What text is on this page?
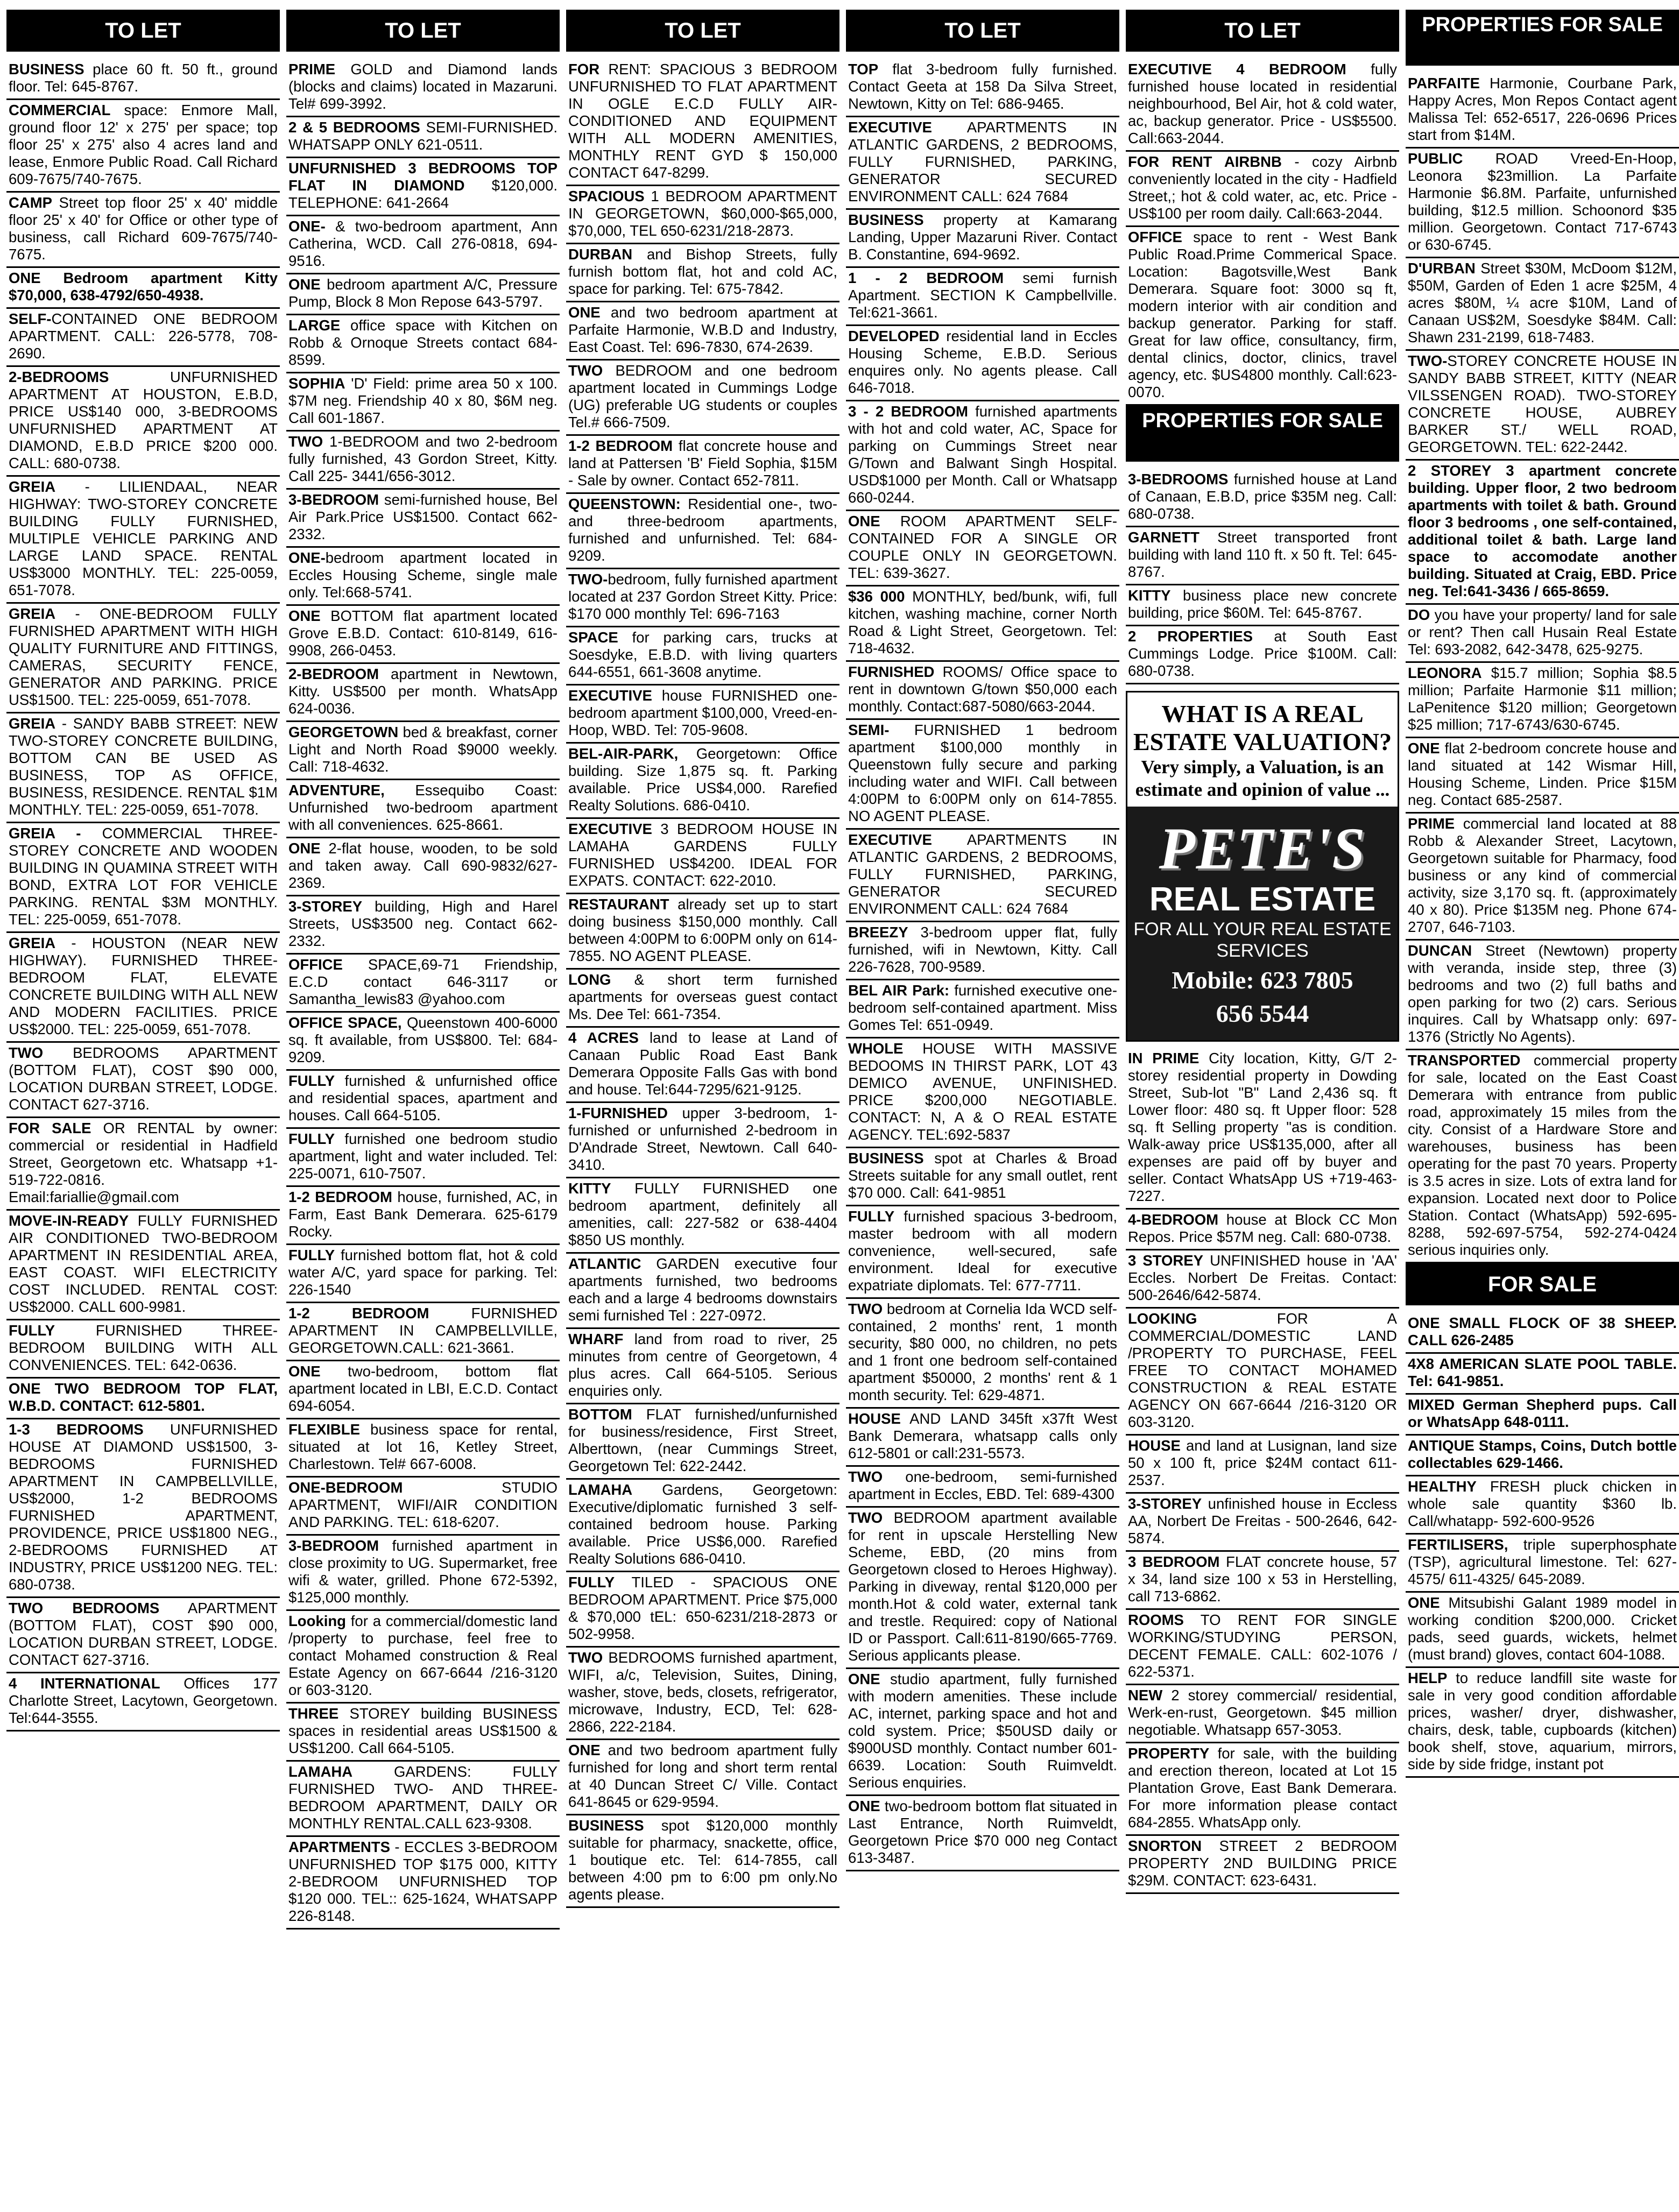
TO LET
BUSINESS place 60 ft. 50 ft., ground floor. Tel: 645-8767.
COMMERCIAL space: Enmore Mall, ground floor 12' x 275' per space; top floor 25' x 275' also 4 acres land and lease, Enmore Public Road. Call Richard 609-7675/740-7675.
CAMP Street top floor 25' x 40' middle floor 25' x 40' for Office or other type of business, call Richard 609-7675/740-7675.
ONE Bedroom apartment Kitty $70,000, 638-4792/650-4938.
SELF-CONTAINED ONE BEDROOM APARTMENT. CALL: 226-5778, 708-2690.
2-BEDROOMS UNFURNISHED APARTMENT AT HOUSTON, E.B.D, PRICE US$140 000, 3-BEDROOMS UNFURNISHED APARTMENT AT DIAMOND, E.B.D PRICE $200 000. CALL: 680-0738.
GREIA - LILIENDAAL, NEAR HIGHWAY: TWO-STOREY CONCRETE BUILDING FULLY FURNISHED, MULTIPLE VEHICLE PARKING AND LARGE LAND SPACE. RENTAL US$3000 MONTHLY. TEL: 225-0059, 651-7078.
GREIA - ONE-BEDROOM FULLY FURNISHED APARTMENT WITH HIGH QUALITY FURNITURE AND FITTINGS, CAMERAS, SECURITY FENCE, GENERATOR AND PARKING. PRICE US$1500. TEL: 225-0059, 651-7078.
GREIA - SANDY BABB STREET: NEW TWO-STOREY CONCRETE BUILDING, BOTTOM CAN BE USED AS BUSINESS, TOP AS OFFICE, BUSINESS, RESIDENCE. RENTAL $1M MONTHLY. TEL: 225-0059, 651-7078.
GREIA - COMMERCIAL THREE-STOREY CONCRETE AND WOODEN BUILDING IN QUAMINA STREET WITH BOND, EXTRA LOT FOR VEHICLE PARKING. RENTAL $3M MONTHLY. TEL: 225-0059, 651-7078.
GREIA - HOUSTON (NEAR NEW HIGHWAY). FURNISHED THREE-BEDROOM FLAT, ELEVATE CONCRETE BUILDING WITH ALL NEW AND MODERN FACILITIES. PRICE US$2000. TEL: 225-0059, 651-7078.
TWO BEDROOMS APARTMENT (BOTTOM FLAT), COST $90 000, LOCATION DURBAN STREET, LODGE. CONTACT 627-3716.
FOR SALE OR RENTAL by owner: commercial or residential in Hadfield Street, Georgetown etc. Whatsapp +1-519-722-0816. Email:fariallie@gmail.com
MOVE-IN-READY FULLY FURNISHED AIR CONDITIONED TWO-BEDROOM APARTMENT IN RESIDENTIAL AREA, EAST COAST. WIFI ELECTRICITY COST INCLUDED. RENTAL COST: US$2000. CALL 600-9981.
FULLY FURNISHED THREE-BEDROOM BUILDING WITH ALL CONVENIENCES. TEL: 642-0636.
ONE TWO BEDROOM TOP FLAT, W.B.D. CONTACT: 612-5801.
1-3 BEDROOMS UNFURNISHED HOUSE AT DIAMOND US$1500, 3-BEDROOMS FURNISHED APARTMENT IN CAMPBELLVILLE, US$2000, 1-2 BEDROOMS FURNISHED APARTMENT, PROVIDENCE, PRICE US$1800 NEG., 2-BEDROOMS FURNISHED AT INDUSTRY, PRICE US$1200 NEG. TEL: 680-0738.
TWO BEDROOMS APARTMENT (BOTTOM FLAT), COST $90 000, LOCATION DURBAN STREET, LODGE. CONTACT 627-3716.
4 INTERNATIONAL Offices 177 Charlotte Street, Lacytown, Georgetown. Tel:644-3555.
TO LET
PRIME GOLD and Diamond lands (blocks and claims) located in Mazaruni. Tel# 699-3992.
2 & 5 BEDROOMS SEMI-FURNISHED. WHATSAPP ONLY 621-0511.
UNFURNISHED 3 BEDROOMS TOP FLAT IN DIAMOND $120,000. TELEPHONE: 641-2664
ONE- & two-bedroom apartment, Ann Catherina, WCD. Call 276-0818, 694-9516.
ONE bedroom apartment A/C, Pressure Pump, Block 8 Mon Repose 643-5797.
LARGE office space with Kitchen on Robb & Ornoque Streets contact 684-8599.
SOPHIA 'D' Field: prime area 50 x 100. $7M neg. Friendship 40 x 80, $6M neg. Call 601-1867.
TWO 1-BEDROOM and two 2-bedroom fully furnished, 43 Gordon Street, Kitty. Call 225- 3441/656-3012.
3-BEDROOM semi-furnished house, Bel Air Park.Price US$1500. Contact 662-2332.
ONE-bedroom apartment located in Eccles Housing Scheme, single male only. Tel:668-5741.
ONE BOTTOM flat apartment located Grove E.B.D. Contact: 610-8149, 616-9908, 266-0453.
2-BEDROOM apartment in Newtown, Kitty. US$500 per month. WhatsApp 624-0036.
GEORGETOWN bed & breakfast, corner Light and North Road $9000 weekly. Call: 718-4632.
ADVENTURE, Essequibo Coast: Unfurnished two-bedroom apartment with all conveniences. 625-8661.
ONE 2-flat house, wooden, to be sold and taken away. Call 690-9832/627-2369.
3-STOREY building, High and Harel Streets, US$3500 neg. Contact 662-2332.
OFFICE SPACE,69-71 Friendship, E.C.D contact 646-3117 or Samantha_lewis83 @yahoo.com
OFFICE SPACE, Queenstown 400-6000 sq. ft available, from US$800. Tel: 684-9209.
FULLY furnished & unfurnished office and residential spaces, apartment and houses. Call 664-5105.
FULLY furnished one bedroom studio apartment, light and water included. Tel: 225-0071, 610-7507.
1-2 BEDROOM house, furnished, AC, in Farm, East Bank Demerara. 625-6179 Rocky.
FULLY furnished bottom flat, hot & cold water A/C, yard space for parking. Tel: 226-1540
1-2 BEDROOM FURNISHED APARTMENT IN CAMPBELLVILLE, GEORGETOWN.CALL: 621-3661.
ONE two-bedroom, bottom flat apartment located in LBI, E.C.D. Contact 694-6054.
FLEXIBLE business space for rental, situated at lot 16, Ketley Street, Charlestown. Tel# 667-6008.
ONE-BEDROOM STUDIO APARTMENT, WIFI/AIR CONDITION AND PARKING. TEL: 618-6207.
3-BEDROOM furnished apartment in close proximity to UG. Supermarket, free wifi & water, grilled. Phone 672-5392, $125,000 monthly.
Looking for a commercial/domestic land /property to purchase, feel free to contact Mohamed construction & Real Estate Agency on 667-6644 /216-3120 or 603-3120.
THREE STOREY building BUSINESS spaces in residential areas US$1500 & US$1200. Call 664-5105.
LAMAHA GARDENS: FULLY FURNISHED TWO- AND THREE-BEDROOM APARTMENT, DAILY OR MONTHLY RENTAL.CALL 623-9308.
APARTMENTS - ECCLES 3-BEDROOM UNFURNISHED TOP $175 000, KITTY 2-BEDROOM UNFURNISHED TOP $120 000. TEL:: 625-1624, WHATSAPP 226-8148.
TO LET
FOR RENT: SPACIOUS 3 BEDROOM UNFURNISHED TO FLAT APARTMENT IN OGLE E.C.D FULLY AIR-CONDITIONED AND EQUIPMENT WITH ALL MODERN AMENITIES, MONTHLY RENT GYD $ 150,000 CONTACT 647-8299.
SPACIOUS 1 BEDROOM APARTMENT IN GEORGETOWN, $60,000-$65,000, $70,000, TEL 650-6231/218-2873.
DURBAN and Bishop Streets, fully furnish bottom flat, hot and cold AC, space for parking. Tel: 675-7842.
ONE and two bedroom apartment at Parfaite Harmonie, W.B.D and Industry, East Coast. Tel: 696-7830, 674-2639.
TWO BEDROOM and one bedroom apartment located in Cummings Lodge (UG) preferable UG students or couples Tel.# 666-7509.
1-2 BEDROOM flat concrete house and land at Pattersen 'B' Field Sophia, $15M - Sale by owner. Contact 652-7811.
QUEENSTOWN: Residential one-, two- and three-bedroom apartments, furnished and unfurnished. Tel: 684-9209.
TWO-bedroom, fully furnished apartment located at 237 Gordon Street Kitty. Price: $170 000 monthly Tel: 696-7163
SPACE for parking cars, trucks at Soesdyke, E.B.D. with living quarters 644-6551, 661-3608 anytime.
EXECUTIVE house FURNISHED one-bedroom apartment $100,000, Vreed-en-Hoop, WBD. Tel: 705-9608.
BEL-AIR-PARK, Georgetown: Office building. Size 1,875 sq. ft. Parking available. Price US$4,000. Rarefied Realty Solutions. 686-0410.
EXECUTIVE 3 BEDROOM HOUSE IN LAMAHA GARDENS FULLY FURNISHED US$4200. IDEAL FOR EXPATS. CONTACT: 622-2010.
RESTAURANT already set up to start doing business $150,000 monthly. Call between 4:00PM to 6:00PM only on 614-7855. NO AGENT PLEASE.
LONG & short term furnished apartments for overseas guest contact Ms. Dee Tel: 661-7354.
4 ACRES land to lease at Land of Canaan Public Road East Bank Demerara Opposite Falls Gas with bond and house. Tel:644-7295/621-9125.
1-FURNISHED upper 3-bedroom, 1-furnished or unfurnished 2-bedroom in D'Andrade Street, Newtown. Call 640-3410.
KITTY FULLY FURNISHED one bedroom apartment, definitely all amenities, call: 227-582 or 638-4404 $850 US monthly.
ATLANTIC GARDEN executive four apartments furnished, two bedrooms each and a large 4 bedrooms downstairs semi furnished Tel : 227-0972.
WHARF land from road to river, 25 minutes from centre of Georgetown, 4 plus acres. Call 664-5105. Serious enquiries only.
BOTTOM FLAT furnished/unfurnished for business/residence, First Street, Alberttown, (near Cummings Street, Georgetown Tel: 622-2442.
LAMAHA Gardens, Georgetown: Executive/diplomatic furnished 3 self-contained bedroom house. Parking available. Price US$6,000. Rarefied Realty Solutions 686-0410.
FULLY TILED - SPACIOUS ONE BEDROOM APARTMENT. Price $75,000 & $70,000 tEL: 650-6231/218-2873 or 502-9958.
TWO BEDROOMS furnished apartment, WIFI, a/c, Television, Suites, Dining, washer, stove, beds, closets, refrigerator, microwave, Industry, ECD, Tel: 628-2866, 222-2184.
ONE and two bedroom apartment fully furnished for long and short term rental at 40 Duncan Street C/ Ville. Contact 641-8645 or 629-9594.
BUSINESS spot $120,000 monthly suitable for pharmacy, snackette, office, 1 boutique etc. Tel: 614-7855, call between 4:00 pm to 6:00 pm only.No agents please.
TO LET
TOP flat 3-bedroom fully furnished. Contact Geeta at 158 Da Silva Street, Newtown, Kitty on Tel: 686-9465.
EXECUTIVE APARTMENTS IN ATLANTIC GARDENS, 2 BEDROOMS, FULLY FURNISHED, PARKING, GENERATOR SECURED ENVIRONMENT CALL: 624 7684
BUSINESS property at Kamarang Landing, Upper Mazaruni River. Contact B. Constantine, 694-9692.
1 - 2 BEDROOM semi furnish Apartment. SECTION K Campbellville. Tel:621-3661.
DEVELOPED residential land in Eccles Housing Scheme, E.B.D. Serious enquires only. No agents please. Call 646-7018.
3 - 2 BEDROOM furnished apartments with hot and cold water, AC, Space for parking on Cummings Street near G/Town and Balwant Singh Hospital. USD$1000 per Month. Call or Whatsapp 660-0244.
ONE ROOM APARTMENT SELF-CONTAINED FOR A SINGLE OR COUPLE ONLY IN GEORGETOWN. TEL: 639-3627.
$36 000 MONTHLY, bed/bunk, wifi, full kitchen, washing machine, corner North Road & Light Street, Georgetown. Tel: 718-4632.
FURNISHED ROOMS/ Office space to rent in downtown G/town $50,000 each monthly. Contact:687-5080/663-2044.
SEMI- FURNISHED 1 bedroom apartment $100,000 monthly in Queenstown fully secure and parking including water and WIFI. Call between 4:00PM to 6:00PM only on 614-7855. NO AGENT PLEASE.
EXECUTIVE APARTMENTS IN ATLANTIC GARDENS, 2 BEDROOMS, FULLY FURNISHED, PARKING, GENERATOR SECURED ENVIRONMENT CALL: 624 7684
BREEZY 3-bedroom upper flat, fully furnished, wifi in Newtown, Kitty. Call 226-7628, 700-9589.
BEL AIR Park: furnished executive one-bedroom self-contained apartment. Miss Gomes Tel: 651-0949.
WHOLE HOUSE WITH MASSIVE BEDOOMS IN THIRST PARK, LOT 43 DEMICO AVENUE, UNFINISHED. PRICE $200,000 NEGOTIABLE. CONTACT: N, A & O REAL ESTATE AGENCY. TEL:692-5837
BUSINESS spot at Charles & Broad Streets suitable for any small outlet, rent $70 000. Call: 641-9851
FULLY furnished spacious 3-bedroom, master bedroom with all modern convenience, well-secured, safe environment. Ideal for executive expatriate diplomats. Tel: 677-7711.
TWO bedroom at Cornelia Ida WCD self-contained, 2 months' rent, 1 month security, $80 000, no children, no pets and 1 front one bedroom self-contained apartment $50000, 2 months' rent & 1 month security. Tel: 629-4871.
HOUSE AND LAND 345ft x37ft West Bank Demerara, whatsapp calls only 612-5801 or call:231-5573.
TWO one-bedroom, semi-furnished apartment in Eccles, EBD. Tel: 689-4300
TWO BEDROOM apartment available for rent in upscale Herstelling New Scheme, EBD, (20 mins from Georgetown closed to Heroes Highway). Parking in diveway, rental $120,000 per month.Hot & cold water, external tank and trestle. Required: copy of National ID or Passport. Call:611-8190/665-7769. Serious applicants please.
ONE studio apartment, fully furnished with modern amenities. These include AC, internet, parking space and hot and cold system. Price; $50USD daily or $900USD monthly. Contact number 601-6639. Location: South Ruimveldt. Serious enquiries.
ONE two-bedroom bottom flat situated in Last Entrance, North Ruimveldt, Georgetown Price $70 000 neg Contact 613-3487.
TO LET
EXECUTIVE 4 BEDROOM fully furnished house located in residential neighbourhood, Bel Air, hot & cold water, ac, backup generator. Price - US$5500. Call:663-2044.
FOR RENT AIRBNB - cozy Airbnb conveniently located in the city - Hadfield Street,; hot & cold water, ac, etc. Price - US$100 per room daily. Call:663-2044.
OFFICE space to rent - West Bank Public Road.Prime Commerical Space. Location: Bagotsville,West Bank Demerara. Square foot: 3000 sq ft, modern interior with air condition and backup generator. Parking for staff. Great for law office, consultancy, firm, dental clinics, doctor, clinics, travel agency, etc. $US4800 monthly. Call:623-0070.
PROPERTIES FOR SALE
3-BEDROOMS furnished house at Land of Canaan, E.B.D, price $35M neg. Call: 680-0738.
GARNETT Street transported front building with land 110 ft. x 50 ft. Tel: 645-8767.
KITTY business place new concrete building, price $60M. Tel: 645-8767.
2 PROPERTIES at South East Cummings Lodge. Price $100M. Call: 680-0738.
WHAT IS A REAL ESTATE VALUATION?
Very simply, a Valuation, is an estimate and opinion of value ...
PETE'S
REAL ESTATE
FOR ALL YOUR REAL ESTATE SERVICES
Mobile: 623 7805
656 5544
IN PRIME City location, Kitty, G/T 2-storey residential property in Dowding Street, Sub-lot "B" Land 2,436 sq. ft Lower floor: 480 sq. ft Upper floor: 528 sq. ft Selling property "as is condition. Walk-away price US$135,000, after all expenses are paid off by buyer and seller. Contact WhatsApp US +719-463-7227.
4-BEDROOM house at Block CC Mon Repos. Price $57M neg. Call: 680-0738.
3 STOREY UNFINISHED house in 'AA' Eccles. Norbert De Freitas. Contact: 500-2646/642-5874.
LOOKING FOR A COMMERCIAL/DOMESTIC LAND /PROPERTY TO PURCHASE, FEEL FREE TO CONTACT MOHAMED CONSTRUCTION & REAL ESTATE AGENCY ON 667-6644 /216-3120 OR 603-3120.
HOUSE and land at Lusignan, land size 50 x 100 ft, price $24M contact 611-2537.
3-STOREY unfinished house in Eccless AA, Norbert De Freitas - 500-2646, 642-5874.
3 BEDROOM FLAT concrete house, 57 x 34, land size 100 x 53 in Herstelling, call 713-6862.
ROOMS TO RENT FOR SINGLE WORKING/STUDYING PERSON, DECENT FEMALE. CALL: 602-1076 / 622-5371.
NEW 2 storey commercial/ residential, Werk-en-rust, Georgetown. $45 million negotiable. Whatsapp 657-3053.
PROPERTY for sale, with the building and erection thereon, located at Lot 15 Plantation Grove, East Bank Demerara. For more information please contact 684-2855. WhatsApp only.
SNORTON STREET 2 BEDROOM PROPERTY 2ND BUILDING PRICE $29M. CONTACT: 623-6431.
PROPERTIES FOR SALE
PARFAITE Harmonie, Courbane Park, Happy Acres, Mon Repos Contact agent Malissa Tel: 652-6517, 226-0696 Prices start from $14M.
PUBLIC ROAD Vreed-En-Hoop, Leonora $23million. La Parfaite Harmonie $6.8M. Parfaite, unfurnished building, $12.5 million. Schoonord $35 million. Georgetown. Contact 717-6743 or 630-6745.
D'URBAN Street $30M, McDoom $12M, $50M, Garden of Eden 1 acre $25M, 4 acres $80M, ¼ acre $10M, Land of Canaan US$2M, Soesdyke $84M. Call: Shawn 231-2199, 618-7483.
TWO-STOREY CONCRETE HOUSE IN SANDY BABB STREET, KITTY (NEAR VILSSENGEN ROAD). TWO-STOREY CONCRETE HOUSE, AUBREY BARKER ST./ WELL ROAD, GEORGETOWN. TEL: 622-2442.
2 STOREY 3 apartment concrete building. Upper floor, 2 two bedroom apartments with toilet & bath. Ground floor 3 bedrooms , one self-contained, additional toilet & bath. Large land space to accomodate another building. Situated at Craig, EBD. Price neg. Tel:641-3436 / 665-8659.
DO you have your property/ land for sale or rent? Then call Husain Real Estate Tel: 693-2082, 642-3478, 625-9275.
LEONORA $15.7 million; Sophia $8.5 million; Parfaite Harmonie $11 million; LaPenitence $120 million; Georgetown $25 million; 717-6743/630-6745.
ONE flat 2-bedroom concrete house and land situated at 142 Wismar Hill, Housing Scheme, Linden. Price $15M neg. Contact 685-2587.
PRIME commercial land located at 88 Robb & Alexander Street, Lacytown, Georgetown suitable for Pharmacy, food business or any kind of commercial activity, size 3,170 sq. ft. (approximately 40 x 80). Price $135M neg. Phone 674-2707, 646-7103.
DUNCAN Street (Newtown) property with veranda, inside step, three (3) bedrooms and two (2) full baths and open parking for two (2) cars. Serious inquires. Call by Whatsapp only: 697-1376 (Strictly No Agents).
TRANSPORTED commercial property for sale, located on the East Coast Demerara with entrance from public road, approximately 15 miles from the city. Consist of a Hardware Store and warehouses, business has been operating for the past 70 years. Property is 3.5 acres in size. Lots of extra land for expansion. Located next door to Police Station. Contact (WhatsApp) 592-695-8288, 592-697-5754, 592-274-0424 serious inquiries only.
FOR SALE
ONE SMALL FLOCK OF 38 SHEEP. CALL 626-2485
4X8 AMERICAN SLATE POOL TABLE. Tel: 641-9851.
MIXED German Shepherd pups. Call or WhatsApp 648-0111.
ANTIQUE Stamps, Coins, Dutch bottle collectables 629-1466.
HEALTHY FRESH pluck chicken in whole sale quantity $360 lb. Call/whatapp- 592-600-9526
FERTILISERS, triple superphosphate (TSP), agricultural limestone. Tel: 627-4575/ 611-4325/ 645-2089.
ONE Mitsubishi Galant 1989 model in working condition $200,000. Cricket pads, seed guards, wickets, helmet (must brand) gloves, contact 604-1088.
HELP to reduce landfill site waste for sale in very good condition affordable prices, washer/ dryer, dishwasher, chairs, desk, table, cupboards (kitchen) book shelf, stove, aquarium, mirrors, side by side fridge, instant pot
